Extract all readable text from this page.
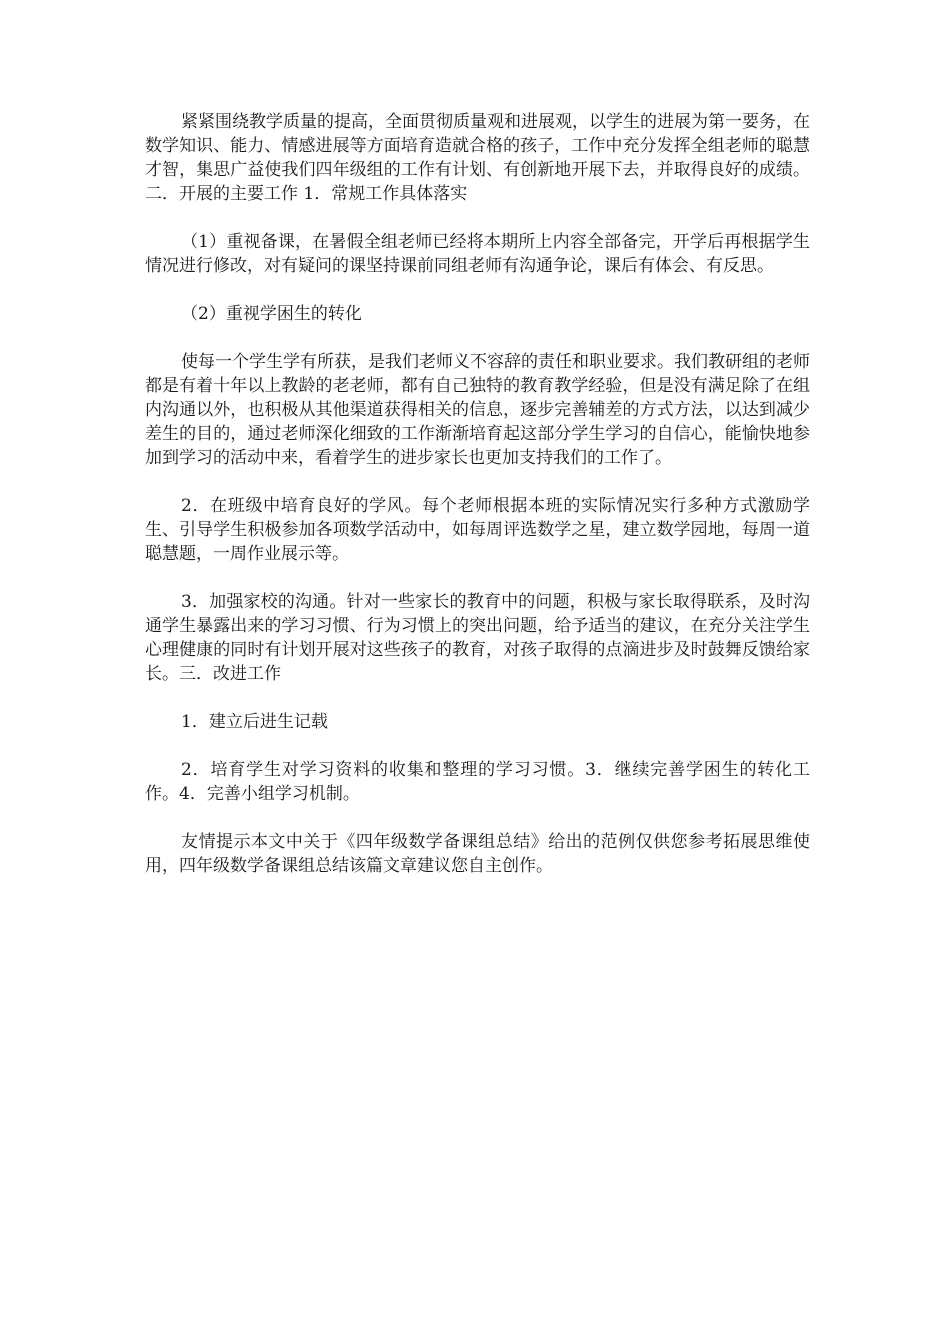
紧紧围绕教学质量的提高，全面贯彻质量观和进展观，以学生的进展为第一要务，在数学知识、能力、情感进展等方面培育造就合格的孩子，工作中充分发挥全组老师的聪慧才智，集思广益使我们四年级组的工作有计划、有创新地开展下去，并取得良好的成绩。二．开展的主要工作 1．常规工作具体落实

（1）重视备课，在暑假全组老师已经将本期所上内容全部备完，开学后再根据学生情况进行修改，对有疑问的课坚持课前同组老师有沟通争论，课后有体会、有反思。

（2）重视学困生的转化

使每一个学生学有所获，是我们老师义不容辞的责任和职业要求。我们教研组的老师都是有着十年以上教龄的老老师，都有自己独特的教育教学经验，但是没有满足除了在组内沟通以外，也积极从其他渠道获得相关的信息，逐步完善辅差的方式方法，以达到减少差生的目的，通过老师深化细致的工作渐渐培育起这部分学生学习的自信心，能愉快地参加到学习的活动中来，看着学生的进步家长也更加支持我们的工作了。

2．在班级中培育良好的学风。每个老师根据本班的实际情况实行多种方式激励学生、引导学生积极参加各项数学活动中，如每周评选数学之星，建立数学园地，每周一道聪慧题，一周作业展示等。

3．加强家校的沟通。针对一些家长的教育中的问题，积极与家长取得联系，及时沟通学生暴露出来的学习习惯、行为习惯上的突出问题，给予适当的建议，在充分关注学生心理健康的同时有计划开展对这些孩子的教育，对孩子取得的点滴进步及时鼓舞反馈给家长。三．改进工作

1．建立后进生记载

2．培育学生对学习资料的收集和整理的学习习惯。3．继续完善学困生的转化工作。4．完善小组学习机制。

友情提示本文中关于《四年级数学备课组总结》给出的范例仅供您参考拓展思维使用，四年级数学备课组总结该篇文章建议您自主创作。
